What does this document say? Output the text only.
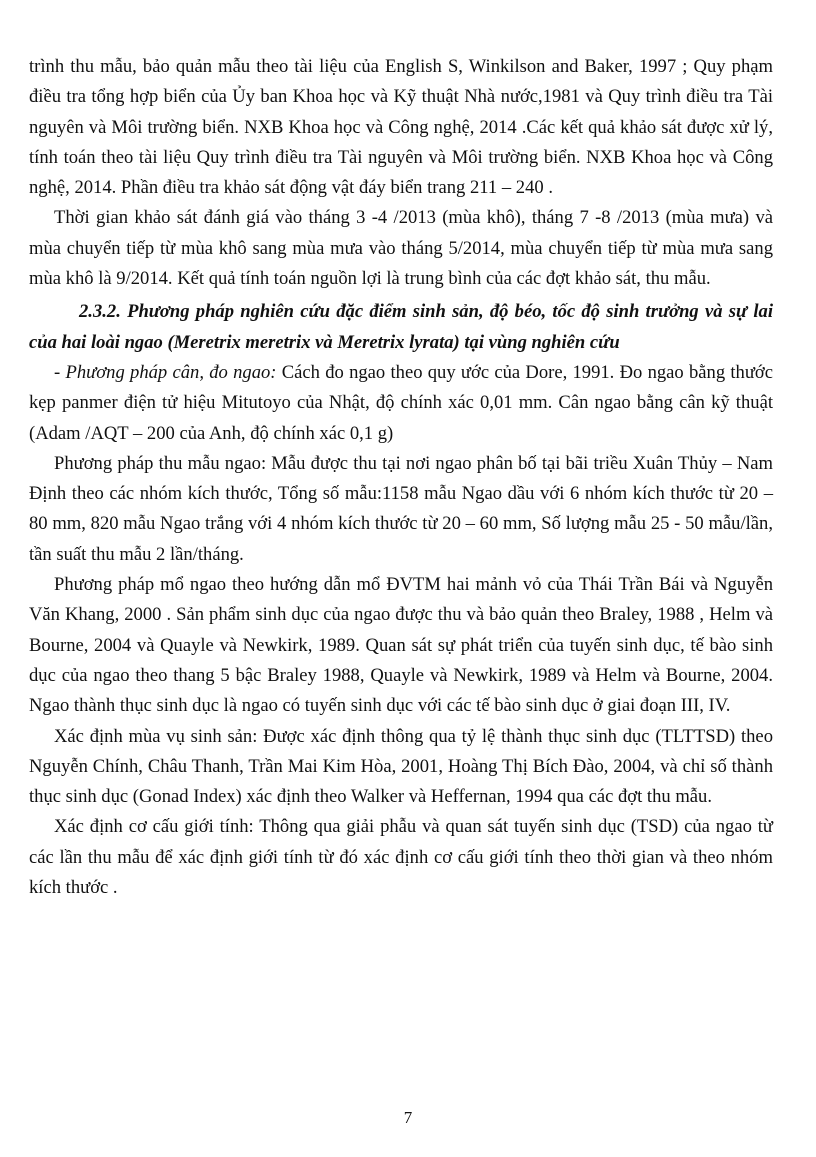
trình thu mẫu, bảo quản mẫu theo tài liệu của English S, Winkilson and Baker, 1997 ; Quy phạm điều tra tổng hợp biển của Ủy ban Khoa học và Kỹ thuật Nhà nước,1981 và Quy trình điều tra Tài nguyên và Môi trường biển. NXB Khoa học và Công nghệ, 2014 .Các kết quả khảo sát được xử lý, tính toán theo tài liệu Quy trình điều tra Tài nguyên và Môi trường biển. NXB Khoa học và Công nghệ, 2014. Phần điều tra khảo sát động vật đáy biển trang 211 – 240 .

Thời gian khảo sát đánh giá vào tháng 3 -4 /2013 (mùa khô), tháng 7 -8 /2013 (mùa mưa) và mùa chuyển tiếp từ mùa khô sang mùa mưa vào tháng 5/2014, mùa chuyển tiếp từ mùa mưa sang mùa khô là 9/2014. Kết quả tính toán nguồn lợi là trung bình của các đợt khảo sát, thu mẫu.

2.3.2. Phương pháp nghiên cứu đặc điểm sinh sản, độ béo, tốc độ sinh trưởng và sự lai của hai loài ngao (Meretrix meretrix và Meretrix lyrata) tại vùng nghiên cứu

- Phương pháp cân, đo ngao: Cách đo ngao theo quy ước của Dore, 1991. Đo ngao bằng thước kẹp panmer điện tử hiệu Mitutoyo của Nhật, độ chính xác 0,01 mm. Cân ngao bằng cân kỹ thuật (Adam /AQT – 200 của Anh, độ chính xác 0,1 g)

Phương pháp thu mẫu ngao: Mẫu được thu tại nơi ngao phân bố tại bãi triều Xuân Thủy – Nam Định theo các nhóm kích thước, Tổng số mẫu:1158 mẫu Ngao dầu với 6 nhóm kích thước từ 20 – 80 mm, 820 mẫu Ngao trắng với 4 nhóm kích thước từ 20 – 60 mm, Số lượng mẫu 25 - 50 mẫu/lần, tần suất thu mẫu 2 lần/tháng.

Phương pháp mổ ngao theo hướng dẫn mổ ĐVTM hai mảnh vỏ của Thái Trần Bái và Nguyễn Văn Khang, 2000 . Sản phẩm sinh dục của ngao được thu và bảo quản theo Braley, 1988 , Helm và Bourne, 2004 và Quayle và Newkirk, 1989. Quan sát sự phát triển của tuyến sinh dục, tế bào sinh dục của ngao theo thang 5 bậc Braley 1988, Quayle và Newkirk, 1989 và Helm và Bourne, 2004. Ngao thành thục sinh dục là ngao có tuyến sinh dục với các tế bào sinh dục ở giai đoạn III, IV.

Xác định mùa vụ sinh sản: Được xác định thông qua tỷ lệ thành thục sinh dục (TLTTSD) theo Nguyễn Chính, Châu Thanh, Trần Mai Kim Hòa, 2001, Hoàng Thị Bích Đào, 2004, và chỉ số thành thục sinh dục (Gonad Index) xác định theo Walker và Heffernan, 1994 qua các đợt thu mẫu.

Xác định cơ cấu giới tính: Thông qua giải phẫu và quan sát tuyến sinh dục (TSD) của ngao từ các lần thu mẫu để xác định giới tính từ đó xác định cơ cấu giới tính theo thời gian và theo nhóm kích thước .

7
